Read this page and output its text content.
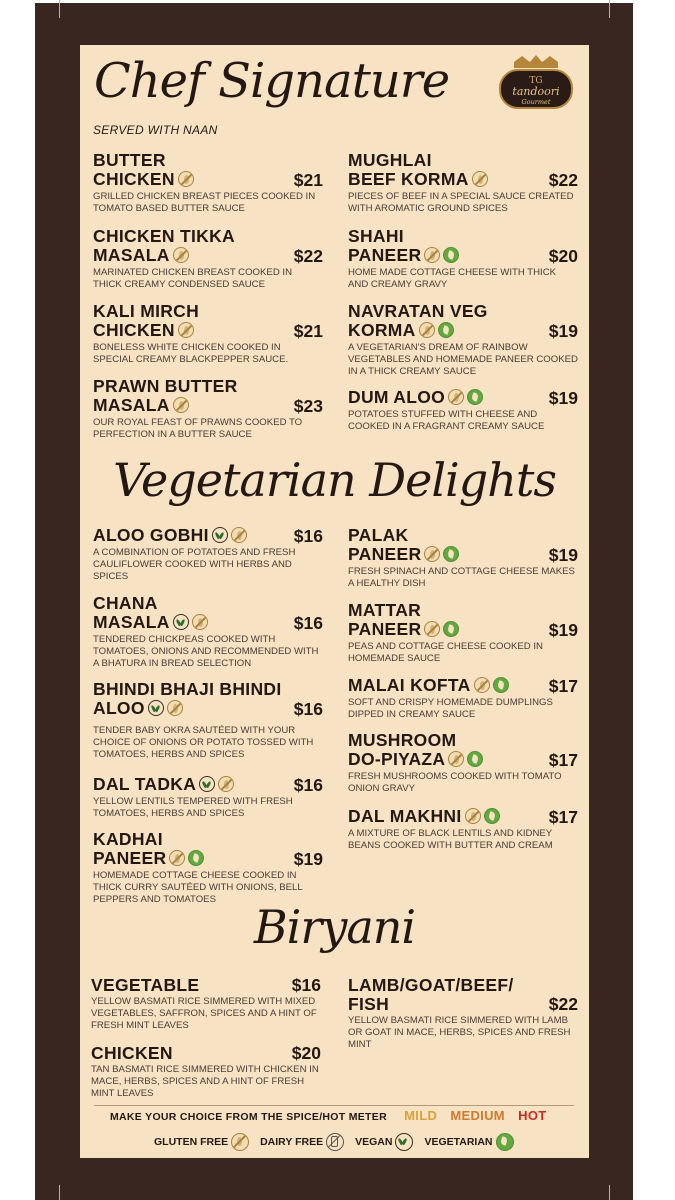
Chef Signature
SERVED WITH NAAN
TG
tandoori
Gourmet
BUTTER
CHICKEN	$21
GRILLED CHICKEN BREAST PIECES COOKED IN TOMATO BASED BUTTER SAUCE
CHICKEN TIKKA
MASALA	$22
MARINATED CHICKEN BREAST COOKED IN THICK CREAMY CONDENSED SAUCE
KALI MIRCH
CHICKEN	$21
BONELESS WHITE CHICKEN COOKED IN SPECIAL CREAMY BLACKPEPPER SAUCE.
PRAWN BUTTER
MASALA	$23
OUR ROYAL FEAST OF PRAWNS COOKED TO PERFECTION IN A BUTTER SAUCE
MUGHLAI
BEEF KORMA	$22
PIECES OF BEEF IN A SPECIAL SAUCE CREATED WITH AROMATIC GROUND SPICES
SHAHI
PANEER	$20
HOME MADE COTTAGE CHEESE WITH THICK AND CREAMY GRAVY
NAVRATAN VEG
KORMA	$19
A VEGETARIAN'S DREAM OF RAINBOW VEGETABLES AND HOMEMADE PANEER COOKED IN A THICK CREAMY SAUCE
DUM ALOO	$19
POTATOES STUFFED WITH CHEESE AND COOKED IN A FRAGRANT CREAMY SAUCE
Vegetarian Delights
ALOO GOBHI	$16
A COMBINATION OF POTATOES AND FRESH CAULIFLOWER COOKED WITH HERBS AND SPICES
CHANA
MASALA	$16
TENDERED CHICKPEAS COOKED WITH TOMATOES, ONIONS AND RECOMMENDED WITH A BHATURA IN BREAD SELECTION
BHINDI BHAJI BHINDI
ALOO	$16
TENDER BABY OKRA SAUTÉED WITH YOUR CHOICE OF ONIONS OR POTATO TOSSED WITH TOMATOES, HERBS AND SPICES
DAL TADKA	$16
YELLOW LENTILS TEMPERED WITH FRESH TOMATOES, HERBS AND SPICES
KADHAI
PANEER	$19
HOMEMADE COTTAGE CHEESE COOKED IN THICK CURRY SAUTÉED WITH ONIONS, BELL PEPPERS AND TOMATOES
PALAK
PANEER	$19
FRESH SPINACH AND COTTAGE CHEESE MAKES A HEALTHY DISH
MATTAR
PANEER	$19
PEAS AND COTTAGE CHEESE COOKED IN HOMEMADE SAUCE
MALAI KOFTA	$17
SOFT AND CRISPY HOMEMADE DUMPLINGS DIPPED IN CREAMY SAUCE
MUSHROOM
DO-PIYAZA	$17
FRESH MUSHROOMS COOKED WITH TOMATO ONION GRAVY
DAL MAKHNI	$17
A MIXTURE OF BLACK LENTILS AND KIDNEY BEANS COOKED WITH BUTTER AND CREAM
Biryani
VEGETABLE	$16
YELLOW BASMATI RICE SIMMERED WITH MIXED VEGETABLES, SAFFRON, SPICES AND A HINT OF FRESH MINT LEAVES
CHICKEN	$20
TAN BASMATI RICE SIMMERED WITH CHICKEN IN MACE, HERBS, SPICES AND A HINT OF FRESH MINT LEAVES
LAMB/GOAT/BEEF/
FISH	$22
YELLOW BASMATI RICE SIMMERED WITH LAMB OR GOAT IN MACE, HERBS, SPICES AND FRESH MINT
MAKE YOUR CHOICE FROM THE SPICE/HOT METER MILD MEDIUM HOT
GLUTEN FREE	DAIRY FREE	VEGAN	VEGETARIAN
